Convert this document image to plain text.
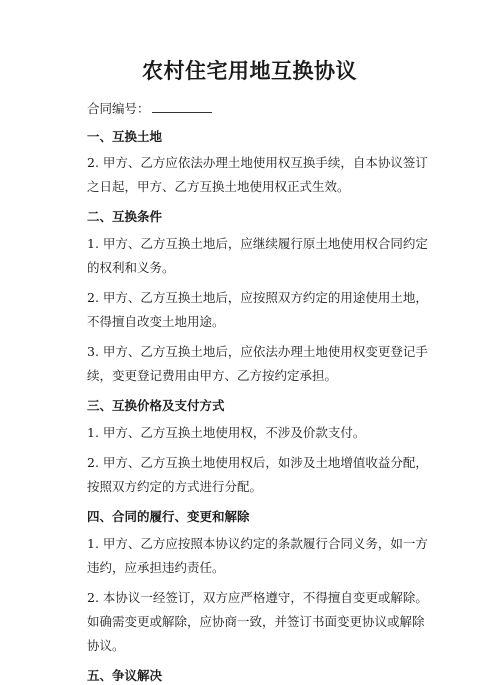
农村住宅用地互换协议
合同编号：

一、互换土地

2. 甲方、乙方应依法办理土地使用权互换手续，自本协议签订之日起，甲方、乙方互换土地使用权正式生效。

二、互换条件

1. 甲方、乙方互换土地后，应继续履行原土地使用权合同约定的权利和义务。

2. 甲方、乙方互换土地后，应按照双方约定的用途使用土地，不得擅自改变土地用途。

3. 甲方、乙方互换土地后，应依法办理土地使用权变更登记手续，变更登记费用由甲方、乙方按约定承担。

三、互换价格及支付方式

1. 甲方、乙方互换土地使用权，不涉及价款支付。

2. 甲方、乙方互换土地使用权后，如涉及土地增值收益分配，按照双方约定的方式进行分配。

四、合同的履行、变更和解除

1. 甲方、乙方应按照本协议约定的条款履行合同义务，如一方违约，应承担违约责任。

2. 本协议一经签订，双方应严格遵守，不得擅自变更或解除。如确需变更或解除，应协商一致，并签订书面变更协议或解除协议。

五、争议解决
